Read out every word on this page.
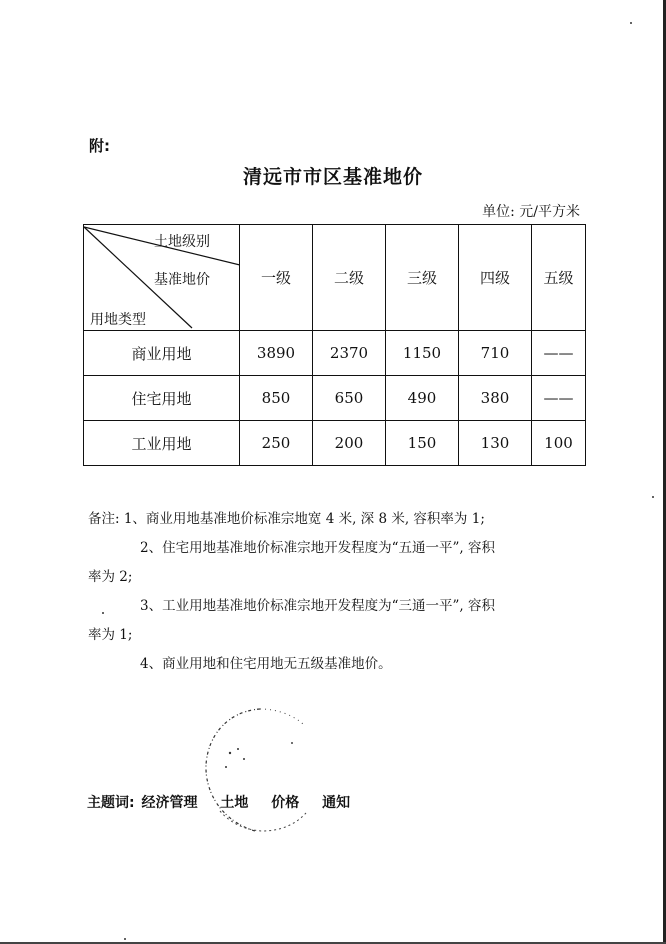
附:
清远市市区基准地价
单位: 元/平方米
土地级别
基准地价
用地类型	一级	二级	三级	四级	五级
商业用地	3890	2370	1150	710	——
住宅用地	850	650	490	380	——
工业用地	250	200	150	130	100

备注: 1、商业用地基准地价标准宗地宽 4 米, 深 8 米, 容积率为 1;

2、住宅用地基准地价标准宗地开发程度为“五通一平”, 容积

率为 2;

3、工业用地基准地价标准宗地开发程度为“三通一平”, 容积

率为 1;

4、商业用地和住宅用地无五级基准地价。

主题词: 经济管理 土地 价格 通知
